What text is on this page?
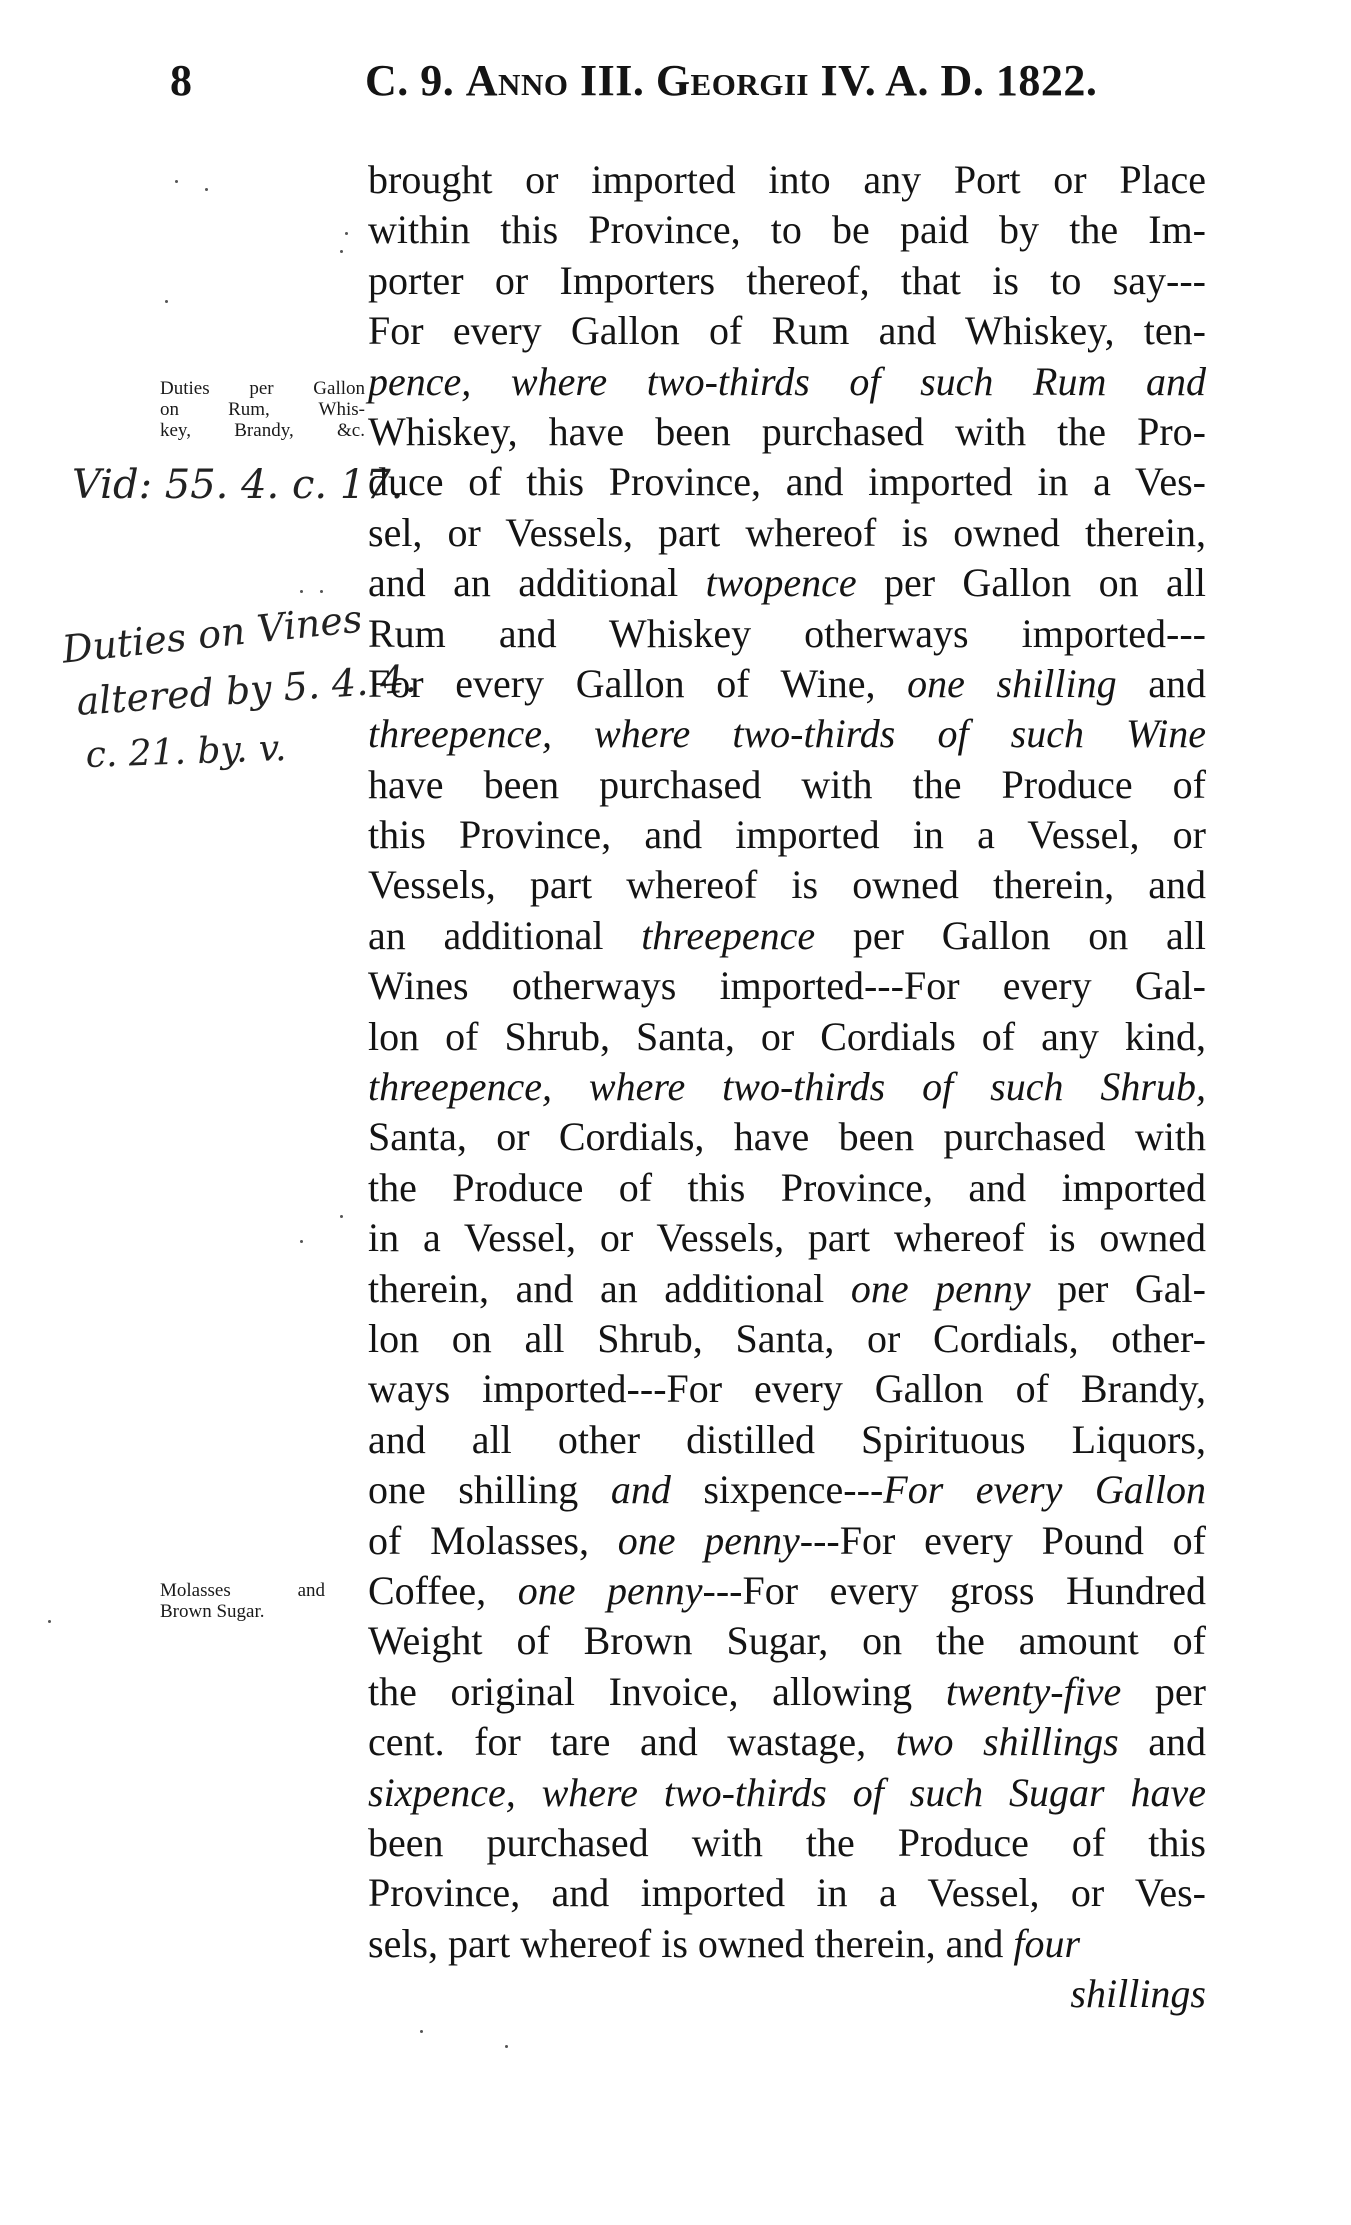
8	C. 9. Anno III. Georgii IV. A. D. 1822.
Duties per Gallon
on Rum, Whis-
key, Brandy, &c.
Molasses and
Brown Sugar.
Vid: 55. 4. c. 17.
Duties on Vines
altered by 5. 4. 4.
c. 21. by. v.
brought or imported into any Port or Place
within this Province, to be paid by the Im-
porter or Importers thereof, that is to say---
For every Gallon of Rum and Whiskey, ten-
pence, where two-thirds of such Rum and
Whiskey, have been purchased with the Pro-
duce of this Province, and imported in a Ves-
sel, or Vessels, part whereof is owned therein,
and an additional twopence per Gallon on all
Rum and Whiskey otherways imported---
For every Gallon of Wine, one shilling and
threepence, where two-thirds of such Wine
have been purchased with the Produce of
this Province, and imported in a Vessel, or
Vessels, part whereof is owned therein, and
an additional threepence per Gallon on all
Wines otherways imported---For every Gal-
lon of Shrub, Santa, or Cordials of any kind,
threepence, where two-thirds of such Shrub,
Santa, or Cordials, have been purchased with
the Produce of this Province, and imported
in a Vessel, or Vessels, part whereof is owned
therein, and an additional one penny per Gal-
lon on all Shrub, Santa, or Cordials, other-
ways imported---For every Gallon of Brandy,
and all other distilled Spirituous Liquors,
one shilling and sixpence---For every Gallon
of Molasses, one penny---For every Pound of
Coffee, one penny---For every gross Hundred
Weight of Brown Sugar, on the amount of
the original Invoice, allowing twenty-five per
cent. for tare and wastage, two shillings and
sixpence, where two-thirds of such Sugar have
been purchased with the Produce of this
Province, and imported in a Vessel, or Ves-
sels, part whereof is owned therein, and four
shillings
